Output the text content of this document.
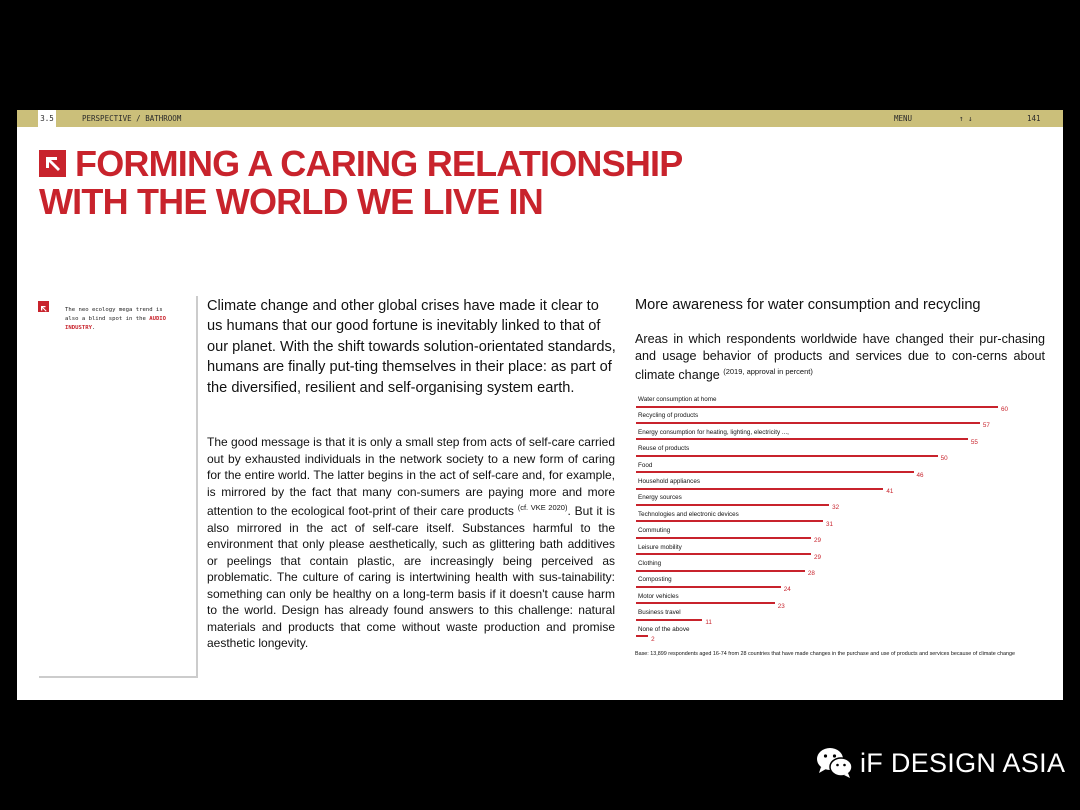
3.5	PERSPECTIVE / BATHROOM	MENU	↑ ↓	141
FORMING A CARING RELATIONSHIP
WITH THE WORLD WE LIVE IN
The neo ecology mega trend is also a blind spot in the AUDIO INDUSTRY.

Climate change and other global crises have made it clear to us humans that our good fortune is inevitably linked to that of our planet. With the shift towards solution-orientated standards, humans are finally put-ting themselves in their place: as part of the diversified, resilient and self-organising system earth.

The good message is that it is only a small step from acts of self-care carried out by exhausted individuals in the network society to a new form of caring for the entire world. The latter begins in the act of self-care and, for example, is mirrored by the fact that many con-sumers are paying more and more attention to the ecological foot-print of their care products $^{(cf. VKE 2020)}$. But it is also mirrored in the act of self-care itself. Substances harmful to the environment that only please aesthetically, such as glittering bath additives or peelings that contain plastic, are increasingly being perceived as problematic. The culture of caring is intertwining health with sus-tainability: something can only be healthy on a long-term basis if it doesn't cause harm to the world. Design has already found answers to this challenge: natural materials and products that come without waste production and promise aesthetic longevity.

More awareness for water consumption and recycling

Areas in which respondents worldwide have changed their pur-chasing and usage behavior of products and services due to con-cerns about climate change $^{(2019, approval in percent)}$

Water consumption at home
60
Recycling of products
57
Energy consumption for heating, lighting, electricity ...,
55
Reuse of products
50
Food
46
Household appliances
41
Energy sources
32
Technologies and electronic devices
31
Commuting
29
Leisure mobility
29
Clothing
28
Composting
24
Motor vehicles
23
Business travel
11
None of the above
2

Base: 13,899 respondents aged 16-74 from 28 countries that have made changes in the purchase and use of products and services because of climate change

iF DESIGN ASIA
